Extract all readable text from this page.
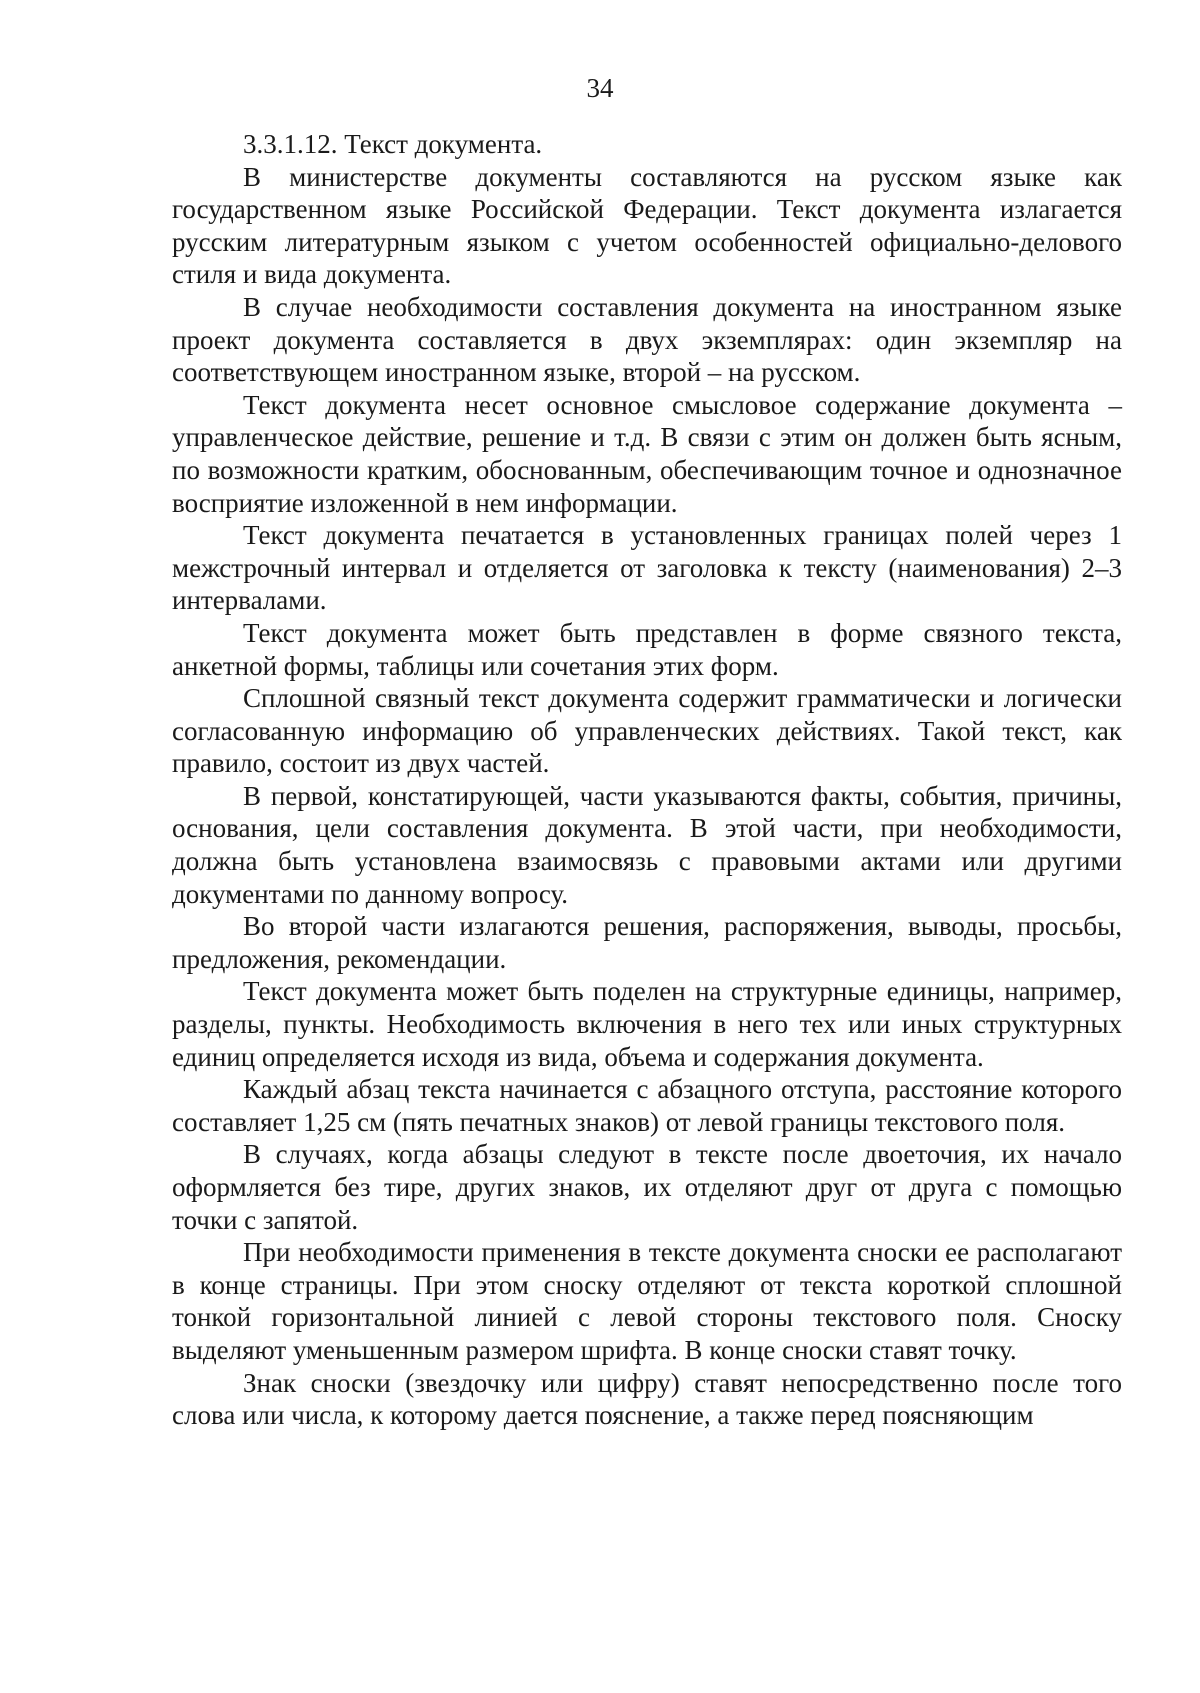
34

3.3.1.12. Текст документа.

В министерстве документы составляются на русском языке как государственном языке Российской Федерации. Текст документа излагается русским литературным языком с учетом особенностей официально-делового стиля и вида документа.

В случае необходимости составления документа на иностранном языке проект документа составляется в двух экземплярах: один экземпляр на соответствующем иностранном языке, второй – на русском.

Текст документа несет основное смысловое содержание документа – управленческое действие, решение и т.д. В связи с этим он должен быть ясным, по возможности кратким, обоснованным, обеспечивающим точное и однозначное восприятие изложенной в нем информации.

Текст документа печатается в установленных границах полей через 1 межстрочный интервал и отделяется от заголовка к тексту (наименования) 2–3 интервалами.

Текст документа может быть представлен в форме связного текста, анкетной формы, таблицы или сочетания этих форм.

Сплошной связный текст документа содержит грамматически и логически согласованную информацию об управленческих действиях. Такой текст, как правило, состоит из двух частей.

В первой, констатирующей, части указываются факты, события, причины, основания, цели составления документа. В этой части, при необходимости, должна быть установлена взаимосвязь с правовыми актами или другими документами по данному вопросу.

Во второй части излагаются решения, распоряжения, выводы, просьбы, предложения, рекомендации.

Текст документа может быть поделен на структурные единицы, например, разделы, пункты. Необходимость включения в него тех или иных структурных единиц определяется исходя из вида, объема и содержания документа.

Каждый абзац текста начинается с абзацного отступа, расстояние которого составляет 1,25 см (пять печатных знаков) от левой границы текстового поля.

В случаях, когда абзацы следуют в тексте после двоеточия, их начало оформляется без тире, других знаков, их отделяют друг от друга с помощью точки с запятой.

При необходимости применения в тексте документа сноски ее располагают в конце страницы. При этом сноску отделяют от текста короткой сплошной тонкой горизонтальной линией с левой стороны текстового поля. Сноску выделяют уменьшенным размером шрифта. В конце сноски ставят точку.

Знак сноски (звездочку или цифру) ставят непосредственно после того слова или числа, к которому дается пояснение, а также перед поясняющим
